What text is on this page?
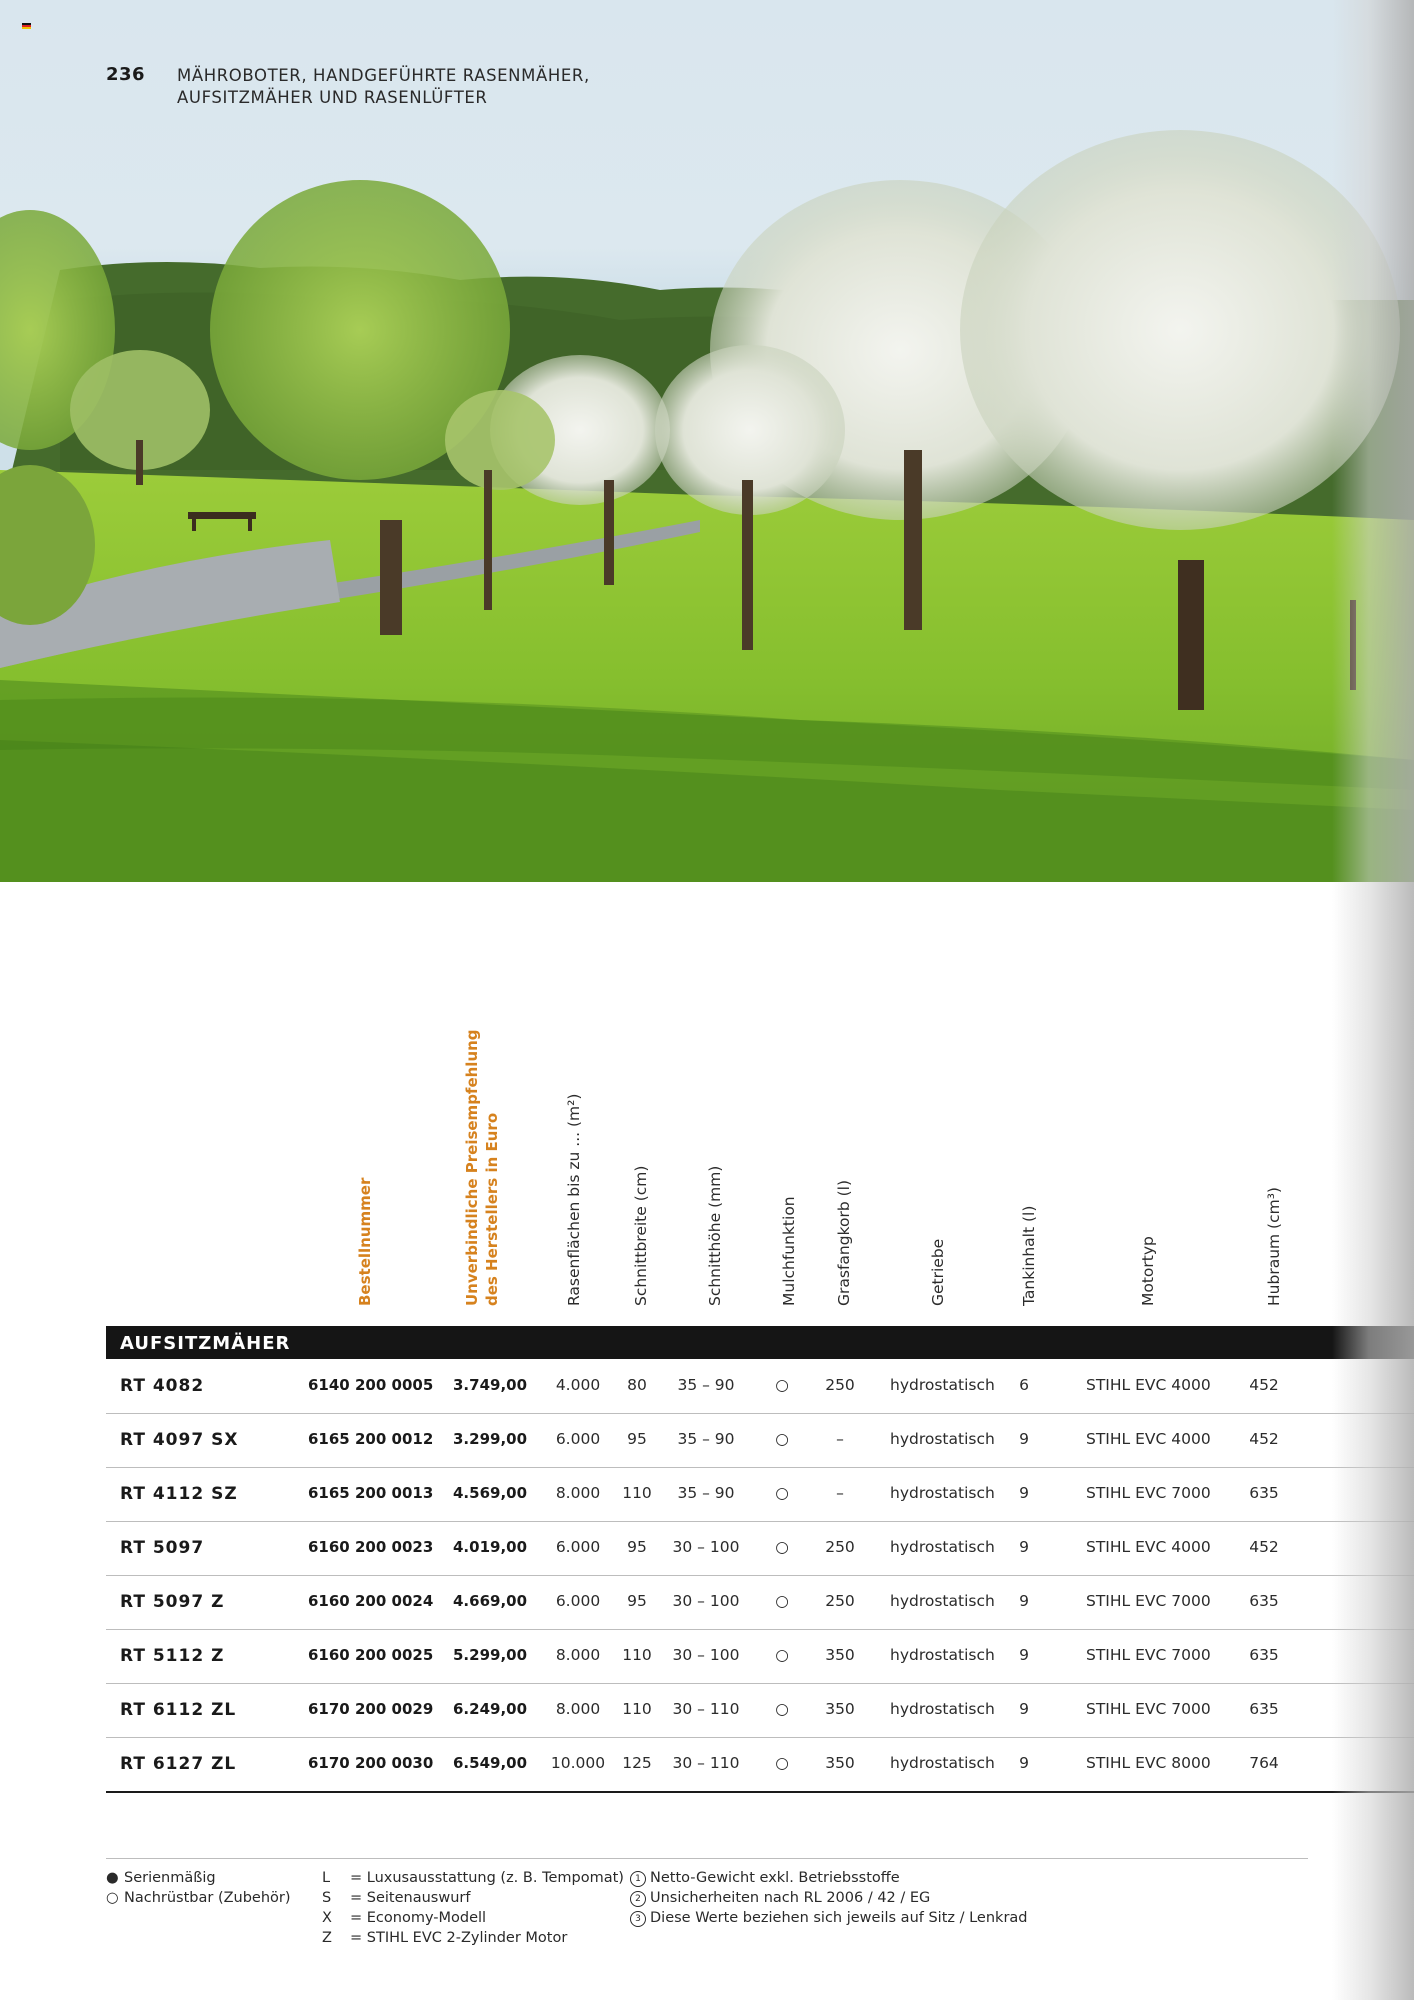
236 MÄHROBOTER, HANDGEFÜHRTE RASENMÄHER,
AUFSITZMÄHER UND RASENLÜFTER
Bestellnummer	Unverbindliche Preisempfehlung des Herstellers in Euro	Rasenflächen bis zu ... (m²)	Schnittbreite (cm)	Schnitthöhe (mm)	Mulchfunktion Grasfangkorb (l)	Getriebe	Tankinhalt (l)	Motortyp	Hubraum (cm³)
AUFSITZMÄHER
RT 4082	6140 200 0005 3.749,00	4.000	80	35 – 90	○	250	hydrostatisch	6	STIHL EVC 4000	452
RT 4097 SX	6165 200 0012 3.299,00	6.000	95	35 – 90	○	–	hydrostatisch	9	STIHL EVC 4000	452
RT 4112 SZ	6165 200 0013 4.569,00	8.000	110	35 – 90	○	–	hydrostatisch	9	STIHL EVC 7000	635
RT 5097	6160 200 0023 4.019,00	6.000	95	30 – 100	○	250	hydrostatisch	9	STIHL EVC 4000	452
RT 5097 Z	6160 200 0024 4.669,00	6.000	95	30 – 100	○	250	hydrostatisch	9	STIHL EVC 7000	635
RT 5112 Z	6160 200 0025 5.299,00	8.000	110	30 – 100	○	350	hydrostatisch	9	STIHL EVC 7000	635
RT 6112 ZL	6170 200 0029 6.249,00	8.000	110	30 – 110	○	350	hydrostatisch	9	STIHL EVC 7000	635
RT 6127 ZL	6170 200 0030 6.549,00	10.000	125	30 – 110	○	350	hydrostatisch	9	STIHL EVC 8000	764
● Serienmäßig
○ Nachrüstbar (Zubehör)
L = Luxusausstattung (z. B. Tempomat)
S = Seitenauswurf
X = Economy-Modell
Z = STIHL EVC 2-Zylinder Motor
1 Netto-Gewicht exkl. Betriebsstoffe
2 Unsicherheiten nach RL 2006 / 42 / EG
3 Diese Werte beziehen sich jeweils auf Sitz / Lenkrad
